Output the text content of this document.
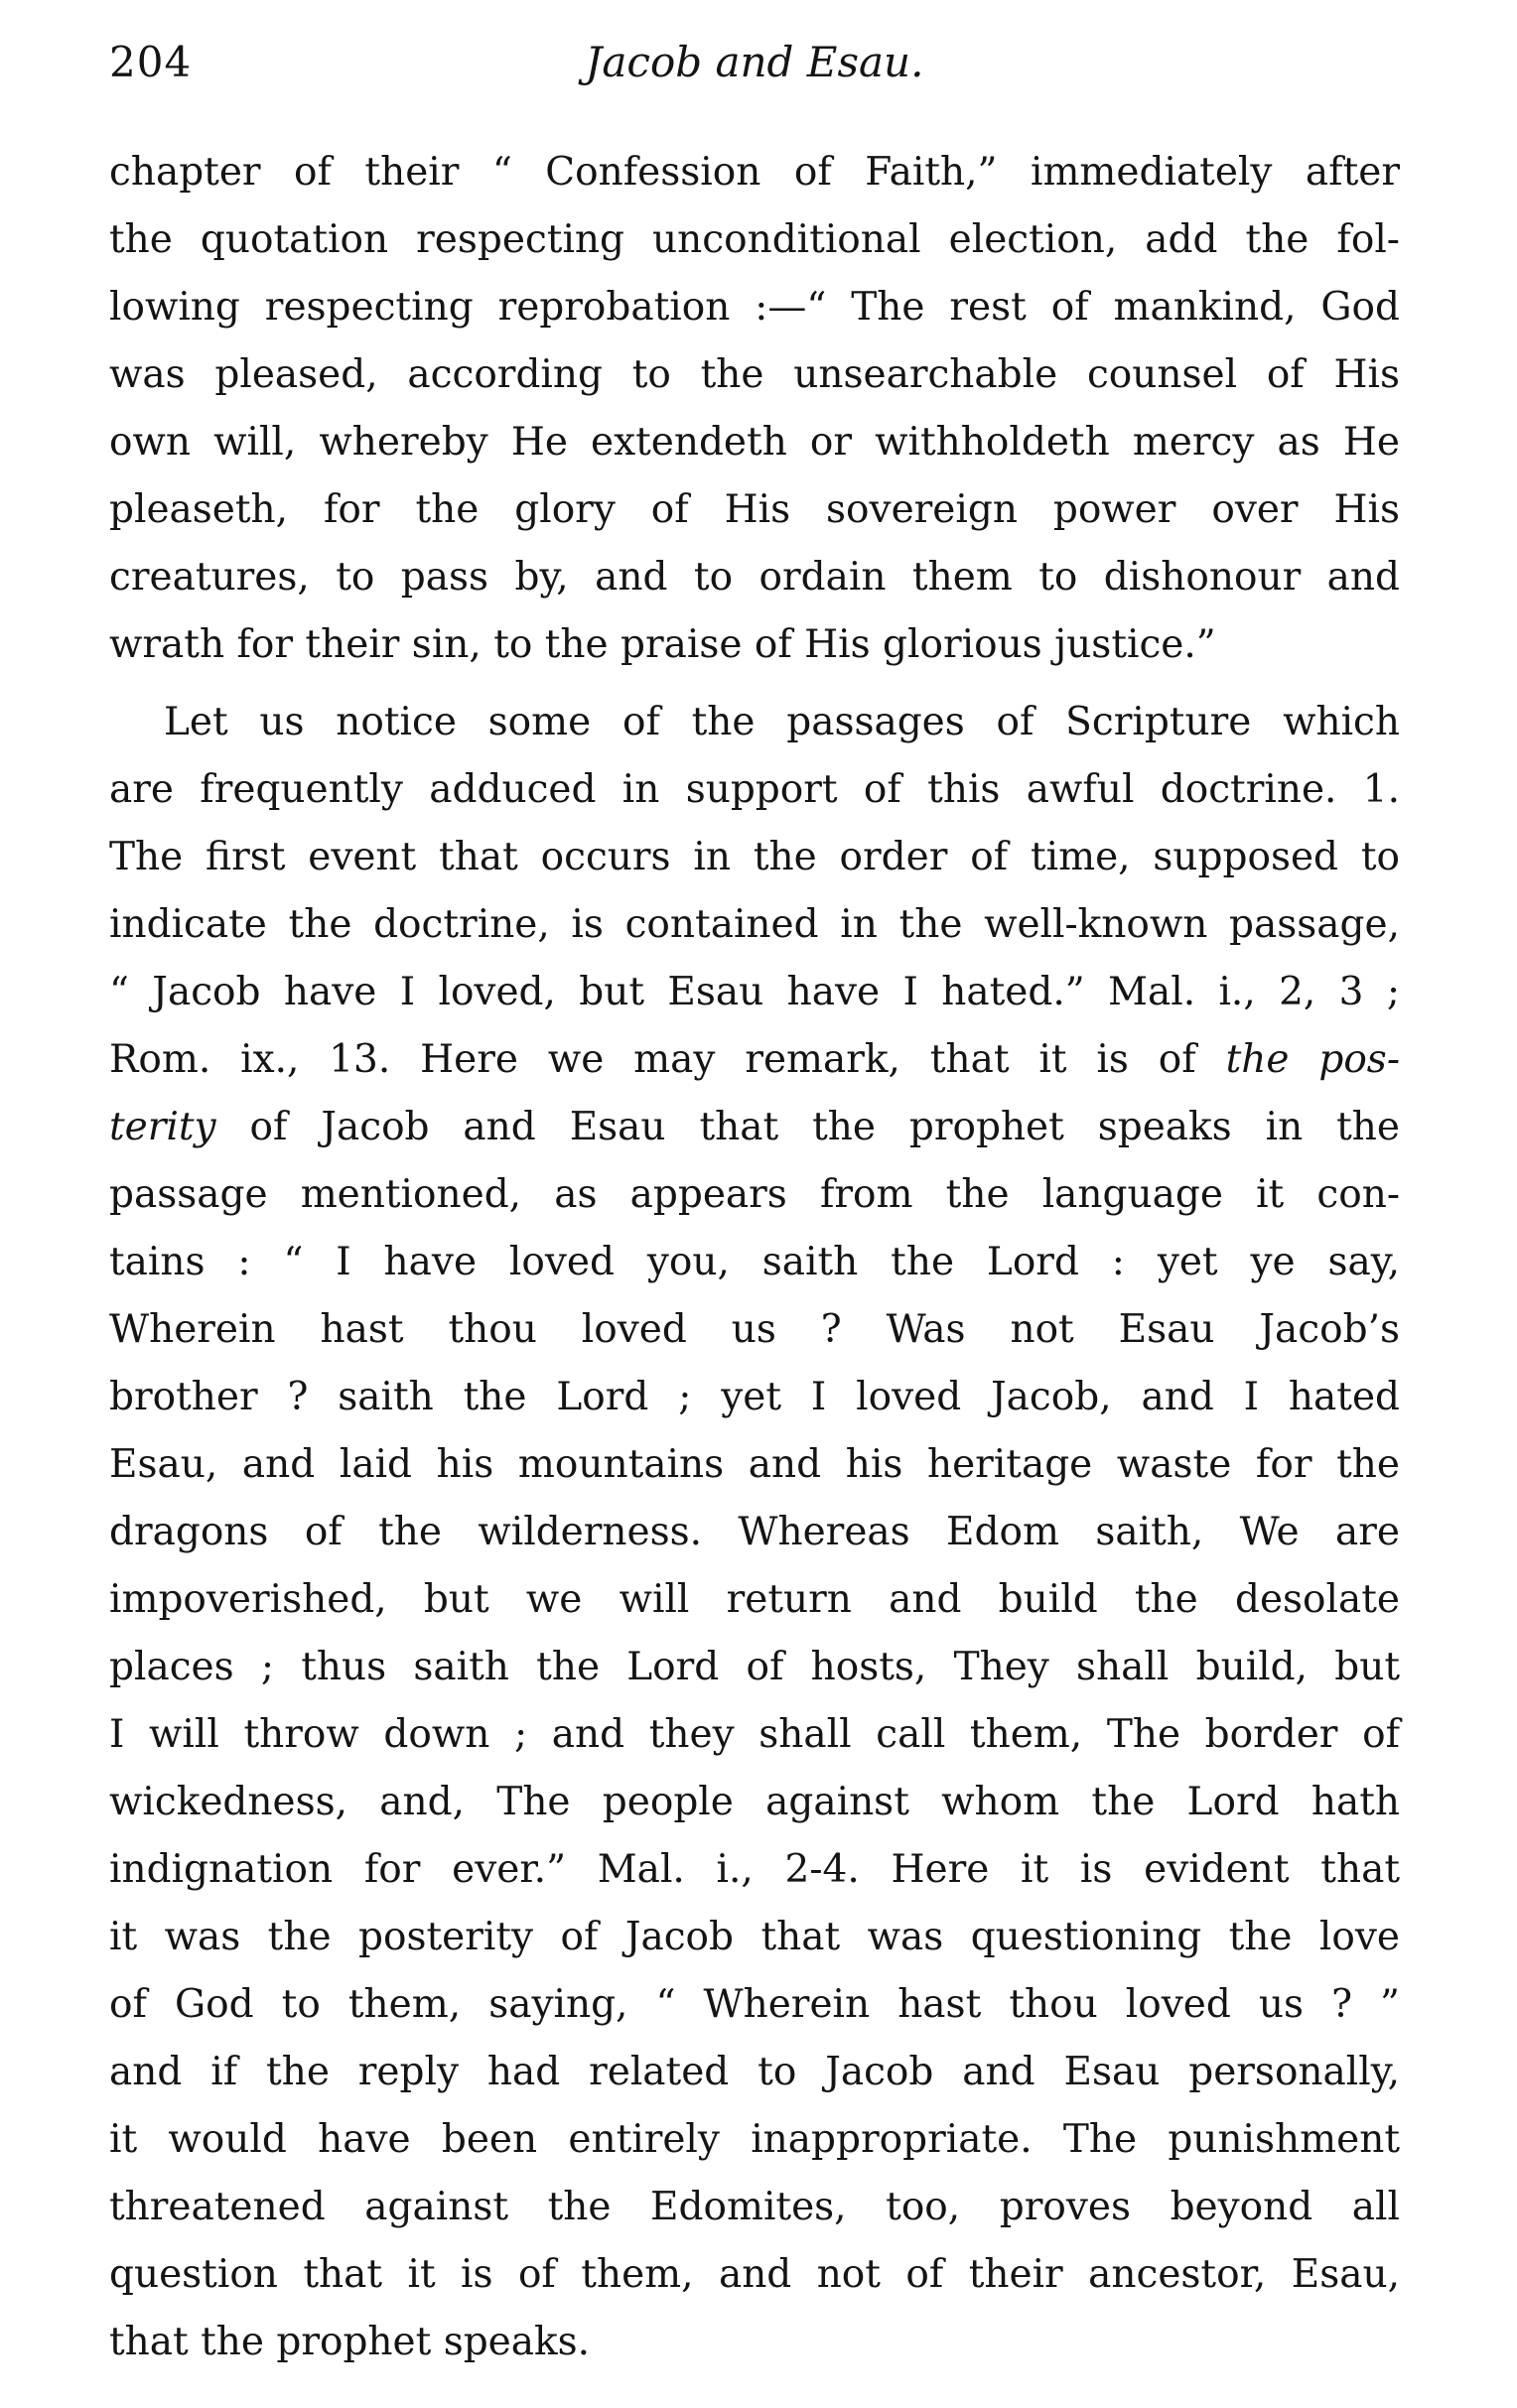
204	Jacob and Esau.
chapter of their “ Confession of Faith,” immediately after
the quotation respecting unconditional election, add the fol-
lowing respecting reprobation :—“ The rest of mankind, God
was pleased, according to the unsearchable counsel of His
own will, whereby He extendeth or withholdeth mercy as He
pleaseth, for the glory of His sovereign power over His
creatures, to pass by, and to ordain them to dishonour and
wrath for their sin, to the praise of His glorious justice.”
Let us notice some of the passages of Scripture which
are frequently adduced in support of this awful doctrine. 1.
The first event that occurs in the order of time, supposed to
indicate the doctrine, is contained in the well-known passage,
“ Jacob have I loved, but Esau have I hated.” Mal. i., 2, 3 ;
Rom. ix., 13. Here we may remark, that it is of the pos-
terity of Jacob and Esau that the prophet speaks in the
passage mentioned, as appears from the language it con-
tains : “ I have loved you, saith the Lord : yet ye say,
Wherein hast thou loved us ? Was not Esau Jacob’s
brother ? saith the Lord ; yet I loved Jacob, and I hated
Esau, and laid his mountains and his heritage waste for the
dragons of the wilderness. Whereas Edom saith, We are
impoverished, but we will return and build the desolate
places ; thus saith the Lord of hosts, They shall build, but
I will throw down ; and they shall call them, The border of
wickedness, and, The people against whom the Lord hath
indignation for ever.” Mal. i., 2-4. Here it is evident that
it was the posterity of Jacob that was questioning the love
of God to them, saying, “ Wherein hast thou loved us ? ”
and if the reply had related to Jacob and Esau personally,
it would have been entirely inappropriate. The punishment
threatened against the Edomites, too, proves beyond all
question that it is of them, and not of their ancestor, Esau,
that the prophet speaks.
